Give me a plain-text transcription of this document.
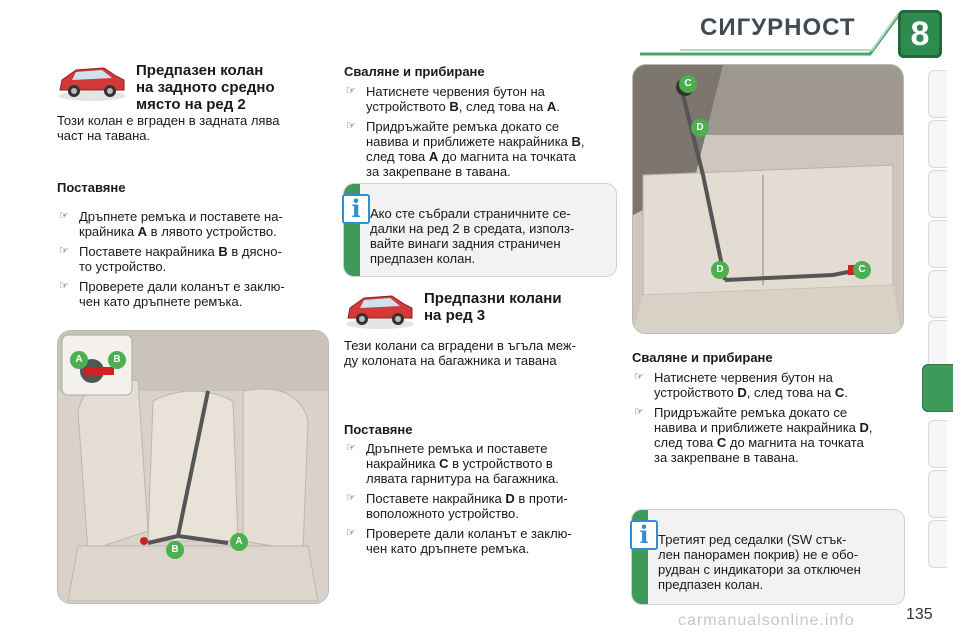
СИГУРНОСТ	8
Предпазен колан
на задното средно
място на ред 2
Този колан е вграден в задната лява
част на тавана.
Поставяне
☞ Дръпнете ремъка и поставете на-
крайника A в лявото устройство.
☞ Поставете накрайника B в дясно-
то устройство.
☞ Проверете дали коланът е заклю-
чен като дръпнете ремъка.
A	B
B
A
Сваляне и прибиране
☞ Натиснете червения бутон на
устройството B, след това на A.
☞ Придръжайте ремъка докато се
навива и приближете накрайника B,
след това A до магнита на точката
за закрепване в тавана.
i Ако сте събрали страничните се-
далки на ред 2 в средата, използ-
вайте винаги задния страничен
предпазен колан.
Предпазни колани
на ред 3
Тези колани са вградени в ъгъла меж-
ду колоната на багажника и тавана
Поставяне
☞ Дръпнете ремъка и поставете
накрайника C в устройството в
лявата гарнитура на багажника.
☞ Поставете накрайника D в проти-
воположното устройство.
☞ Проверете дали коланът е заклю-
чен като дръпнете ремъка.
C
D
D	C
Сваляне и прибиране
☞ Натиснете червения бутон на
устройството D, след това на C.
☞ Придръжайте ремъка докато се
навива и приближете накрайника D,
след това C до магнита на точката
за закрепване в тавана.
i Третият ред седалки (SW стък-
лен панорамен покрив) не е обо-
рудван с индикатори за отключен
предпазен колан.
carmanualsonline.info	135
